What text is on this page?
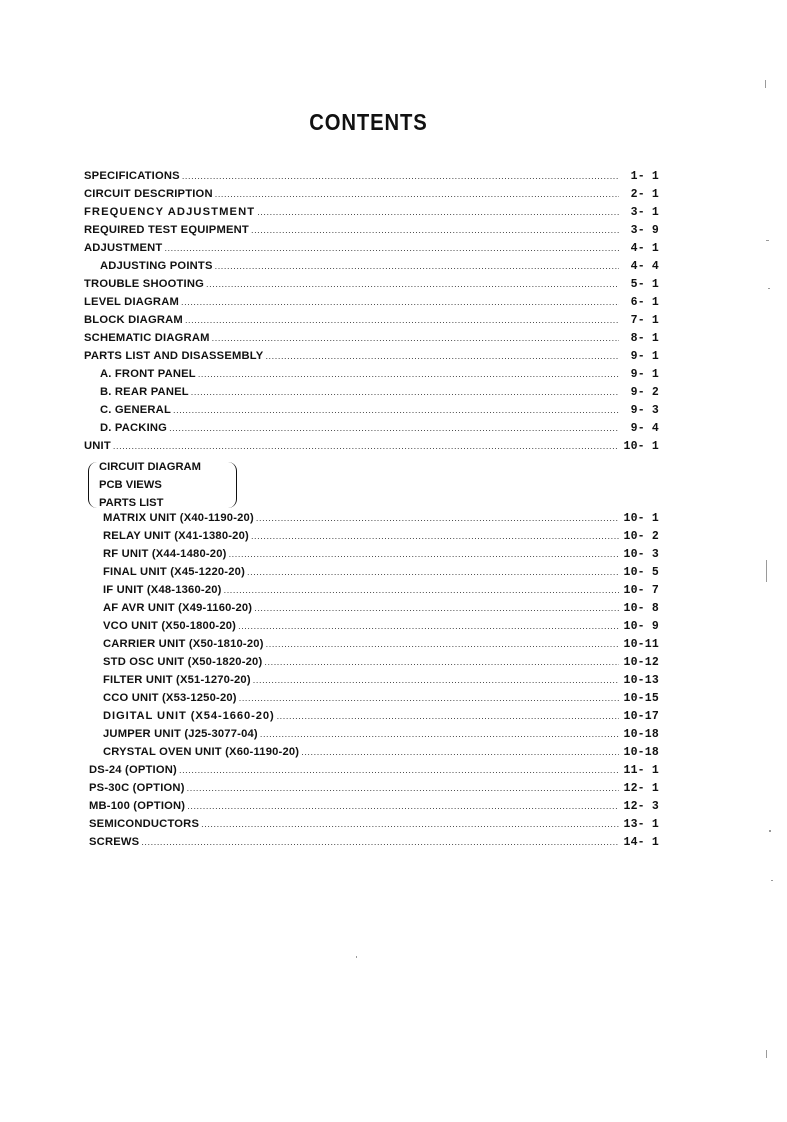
CONTENTS
SPECIFICATIONS .....	1- 1
CIRCUIT DESCRIPTION .....	2- 1
FREQUENCY ADJUSTMENT .....	3- 1
REQUIRED TEST EQUIPMENT .....	3- 9
ADJUSTMENT .....	4- 1
ADJUSTING POINTS .....	4- 4
TROUBLE SHOOTING .....	5- 1
LEVEL DIAGRAM .....	6- 1
BLOCK DIAGRAM .....	7- 1
SCHEMATIC DIAGRAM .....	8- 1
PARTS LIST AND DISASSEMBLY .....	9- 1
A. FRONT PANEL .....	9- 1
B. REAR PANEL .....	9- 2
C. GENERAL .....	9- 3
D. PACKING .....	9- 4
UNIT .....	10- 1
CIRCUIT DIAGRAM
PCB VIEWS
PARTS LIST
MATRIX UNIT (X40-1190-20) .....	10- 1
RELAY UNIT (X41-1380-20) .....	10- 2
RF UNIT (X44-1480-20) .....	10- 3
FINAL UNIT (X45-1220-20) .....	10- 5
IF UNIT (X48-1360-20) .....	10- 7
AF AVR UNIT (X49-1160-20) .....	10- 8
VCO UNIT (X50-1800-20) .....	10- 9
CARRIER UNIT (X50-1810-20) .....	10-11
STD OSC UNIT (X50-1820-20) .....	10-12
FILTER UNIT (X51-1270-20) .....	10-13
CCO UNIT (X53-1250-20) .....	10-15
DIGITAL UNIT (X54-1660-20) .....	10-17
JUMPER UNIT (J25-3077-04) .....	10-18
CRYSTAL OVEN UNIT (X60-1190-20) .....	10-18
DS-24 (OPTION) .....	11- 1
PS-30C (OPTION) .....	12- 1
MB-100 (OPTION) .....	12- 3
SEMICONDUCTORS .....	13- 1
SCREWS .....	14- 1
